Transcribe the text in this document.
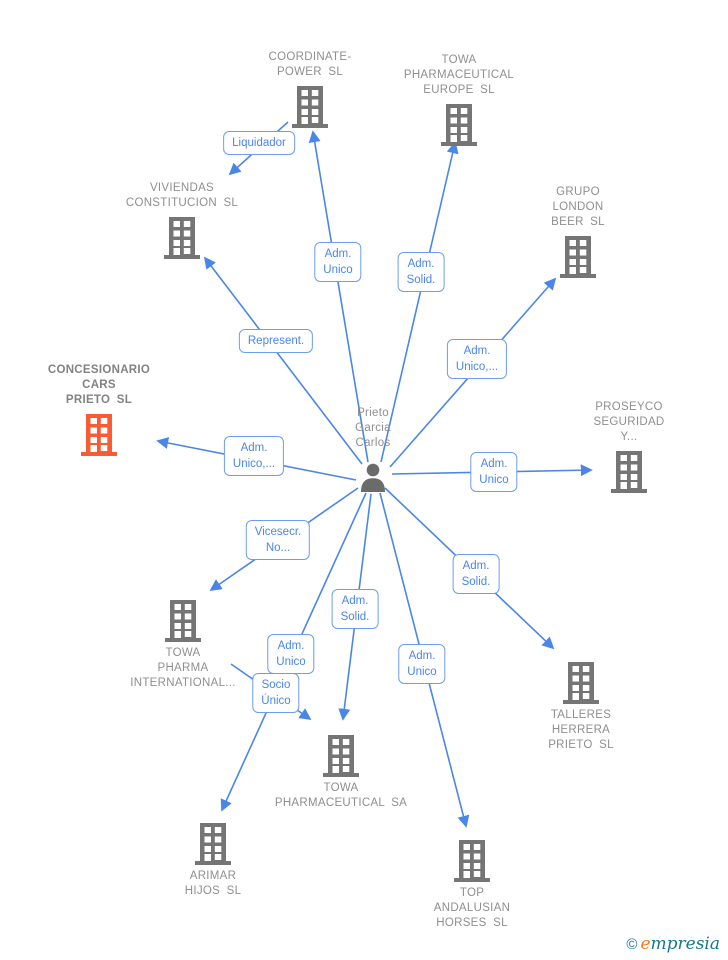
COORDINATE-
POWER SL
TOWA
PHARMACEUTICAL
EUROPE SL
GRUPO
LONDON
BEER SL
VIVIENDAS
CONSTITUCION SL
CONCESIONARIO
CARS
PRIETO SL
PROSEYCO
SEGURIDAD
Y...
Prieto
Garcia
Carlos
TOWA
PHARMA
INTERNATIONAL...
TALLERES
HERRERA
PRIETO SL
TOWA
PHARMACEUTICAL SA
ARIMAR
HIJOS SL	TOP
ANDALUSIAN
HORSES SL
Liquidador
Adm.
Unico	Adm.
Solid.
Adm.
Unico,...
Represent.
Adm.
Unico
Adm.
Unico,...
Vicesecr.
No...
Adm.
Solid.
Adm.
Unico
Socio
Único
Adm.
Unico
Adm.
Solid.
© empresia
